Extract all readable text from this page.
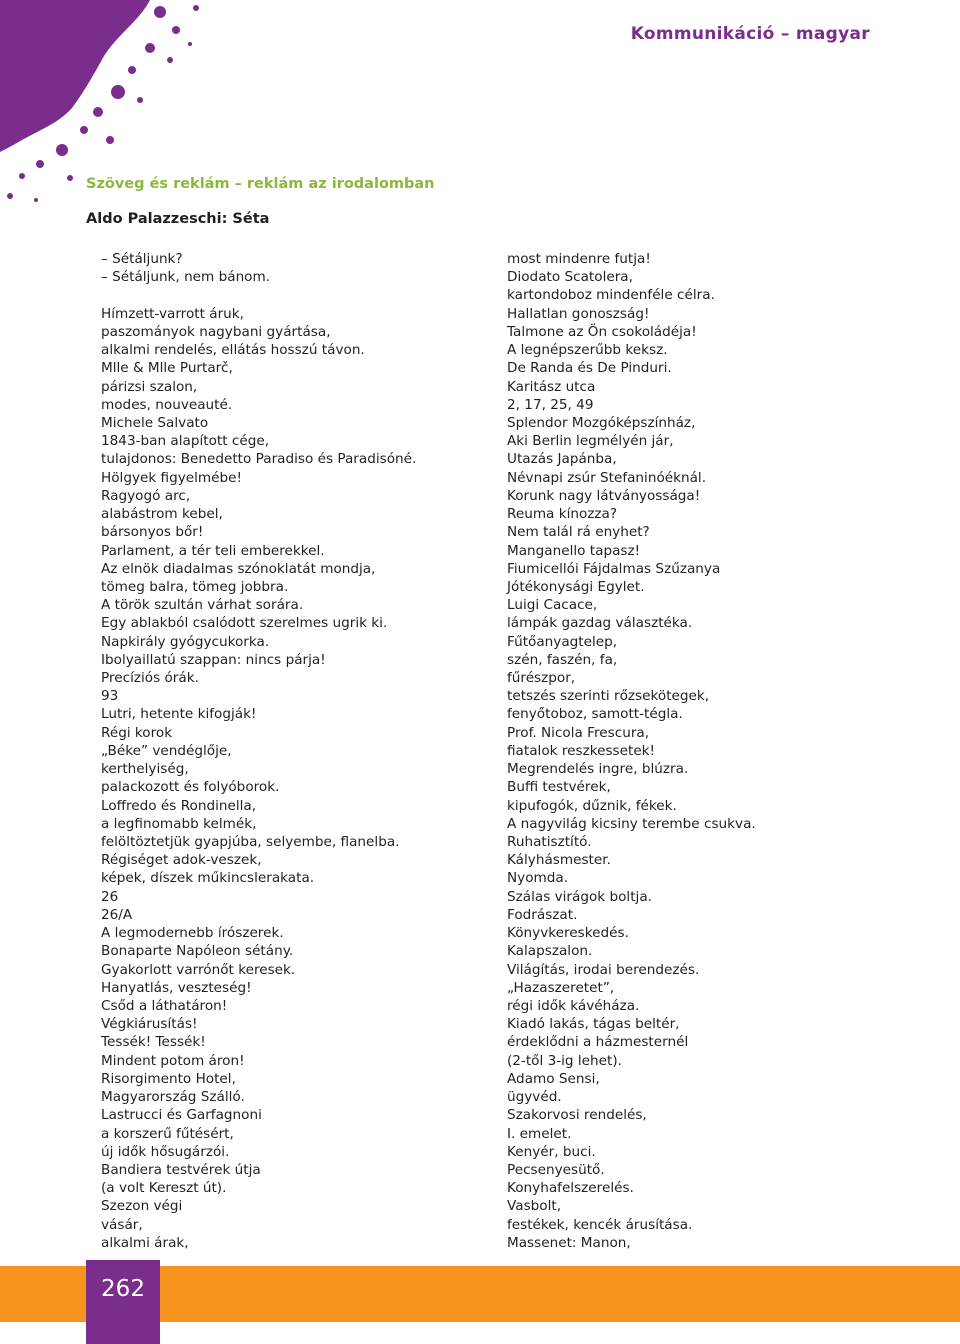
Kommunikáció – magyar
Szöveg és reklám – reklám az irodalomban
Aldo Palazzeschi: Séta
– Sétáljunk?
– Sétáljunk, nem bánom.
Hímzett-varrott áruk,
paszományok nagybani gyártása,
alkalmi rendelés, ellátás hosszú távon.
Mlle & Mlle Purtarč,
párizsi szalon,
modes, nouveauté.
Michele Salvato
1843-ban alapított cége,
tulajdonos: Benedetto Paradiso és Paradisóné.
Hölgyek figyelmébe!
Ragyogó arc,
alabástrom kebel,
bársonyos bőr!
Parlament, a tér teli emberekkel.
Az elnök diadalmas szónoklatát mondja,
tömeg balra, tömeg jobbra.
A török szultán várhat sorára.
Egy ablakból csalódott szerelmes ugrik ki.
Napkirály gyógycukorka.
Ibolyaillatú szappan: nincs párja!
Precíziós órák.
93
Lutri, hetente kifogják!
Régi korok
„Béke” vendéglője,
kerthelyiség,
palackozott és folyóborok.
Loffredo és Rondinella,
a legfinomabb kelmék,
felöltöztetjük gyapjúba, selyembe, flanelba.
Régiséget adok-veszek,
képek, díszek műkincslerakata.
26
26/A
A legmodernebb írószerek.
Bonaparte Napóleon sétány.
Gyakorlott varrónőt keresek.
Hanyatlás, veszteség!
Csőd a láthatáron!
Végkiárusítás!
Tessék! Tessék!
Mindent potom áron!
Risorgimento Hotel,
Magyarország Szálló.
Lastrucci és Garfagnoni
a korszerű fűtésért,
új idők hősugárzói.
Bandiera testvérek útja
(a volt Kereszt út).
Szezon végi
vásár,
alkalmi árak,
most mindenre futja!
Diodato Scatolera,
kartondoboz mindenféle célra.
Hallatlan gonoszság!
Talmone az Ön csokoládéja!
A legnépszerűbb keksz.
De Randa és De Pinduri.
Karitász utca
2, 17, 25, 49
Splendor Mozgóképszínház,
Aki Berlin legmélyén jár,
Utazás Japánba,
Névnapi zsúr Stefaninóéknál.
Korunk nagy látványossága!
Reuma kínozza?
Nem talál rá enyhet?
Manganello tapasz!
Fiumicellói Fájdalmas Szűzanya
Jótékonysági Egylet.
Luigi Cacace,
lámpák gazdag választéka.
Fűtőanyagtelep,
szén, faszén, fa,
fűrészpor,
tetszés szerinti rőzsekötegek,
fenyőtoboz, samott-tégla.
Prof. Nicola Frescura,
fiatalok reszkessetek!
Megrendelés ingre, blúzra.
Buffi testvérek,
kipufogók, dűznik, fékek.
A nagyvilág kicsiny terembe csukva.
Ruhatisztító.
Kályhásmester.
Nyomda.
Szálas virágok boltja.
Fodrászat.
Könyvkereskedés.
Kalapszalon.
Világítás, irodai berendezés.
„Hazaszeretet”,
régi idők kávéháza.
Kiadó lakás, tágas beltér,
érdeklődni a házmesternél
(2-től 3-ig lehet).
Adamo Sensi,
ügyvéd.
Szakorvosi rendelés,
I. emelet.
Kenyér, buci.
Pecsenyesütő.
Konyhafelszerelés.
Vasbolt,
festékek, kencék árusítása.
Massenet: Manon,
262
